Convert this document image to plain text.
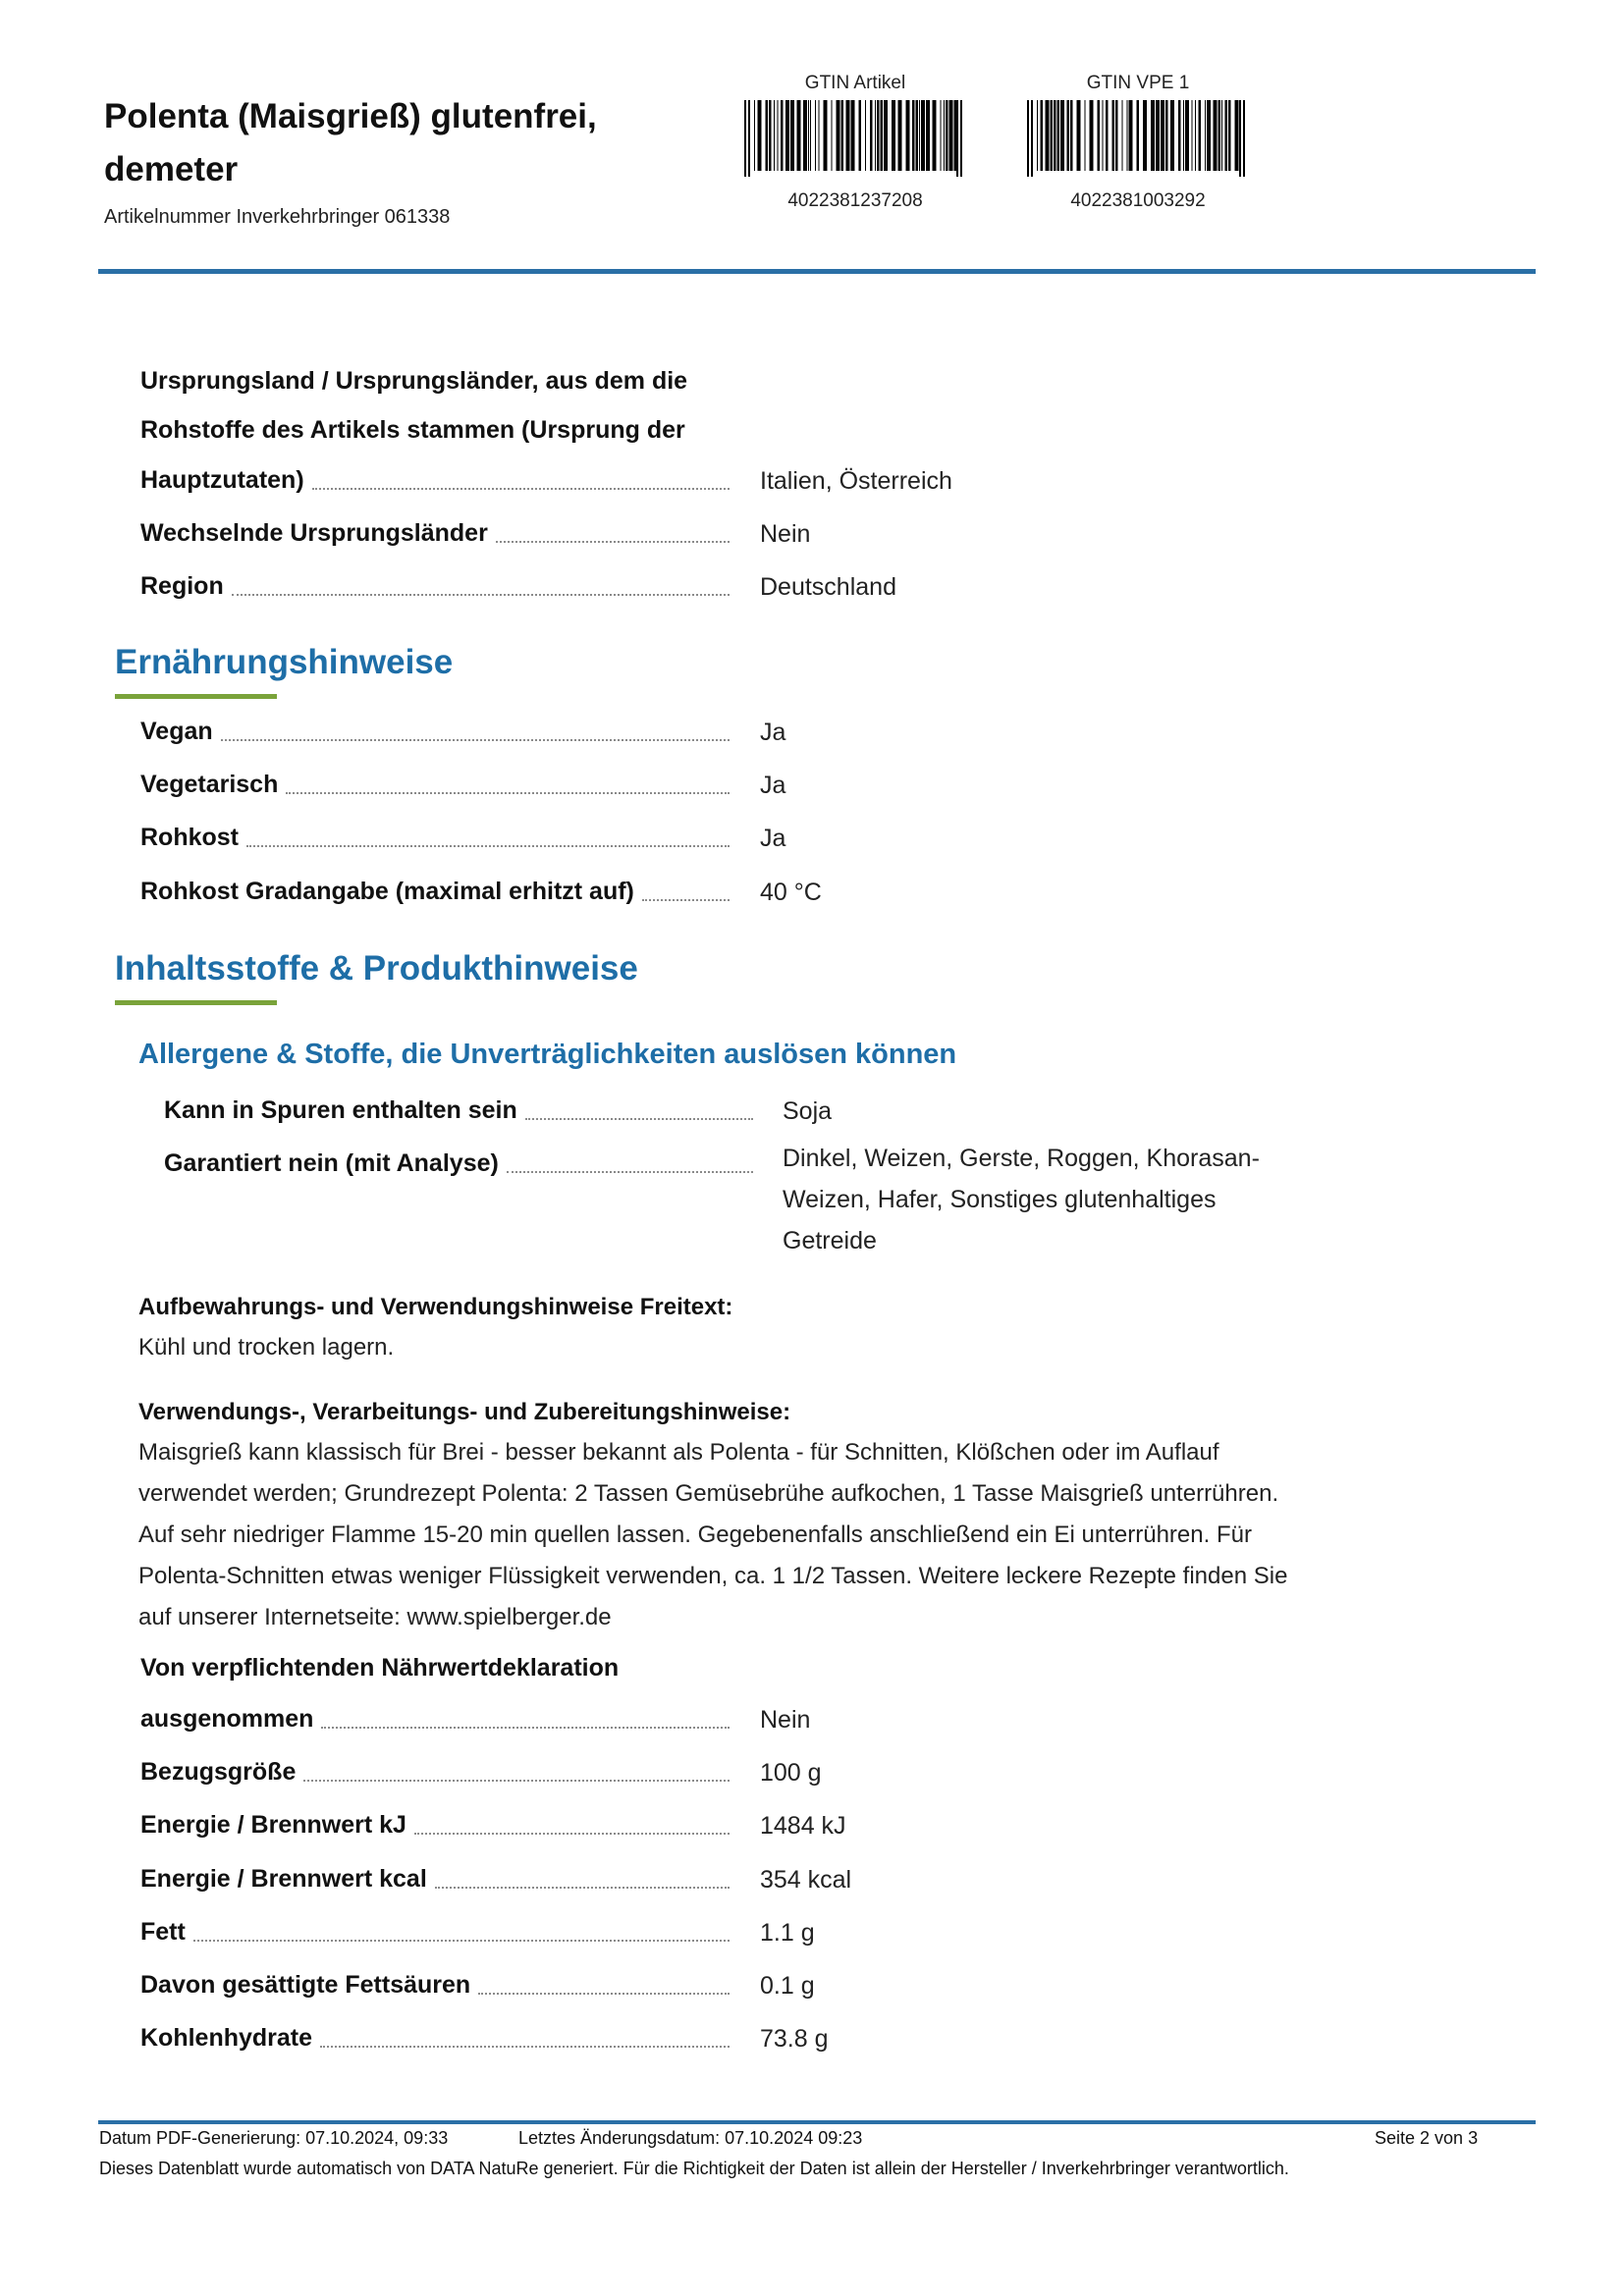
Polenta (Maisgrieß) glutenfrei, demeter
Artikelnummer Inverkehrbringer 061338
GTIN Artikel
4022381237208
GTIN VPE 1
4022381003292
Ursprungsland / Ursprungsländer, aus dem die
Rohstoffe des Artikels stammen (Ursprung der
Hauptzutaten)	Italien, Österreich
Wechselnde Ursprungsländer	Nein
Region	Deutschland
Ernährungshinweise
Vegan	Ja
Vegetarisch	Ja
Rohkost	Ja
Rohkost Gradangabe (maximal erhitzt auf)	40 °C
Inhaltsstoffe & Produkthinweise
Allergene & Stoffe, die Unverträglichkeiten auslösen können
Kann in Spuren enthalten sein	Soja
Garantiert nein (mit Analyse)	Dinkel, Weizen, Gerste, Roggen, Khorasan-
Weizen, Hafer, Sonstiges glutenhaltiges
Getreide
Aufbewahrungs- und Verwendungshinweise Freitext:
Kühl und trocken lagern.
Verwendungs-, Verarbeitungs- und Zubereitungshinweise:
Maisgrieß kann klassisch für Brei - besser bekannt als Polenta - für Schnitten, Klößchen oder im Auflauf
verwendet werden; Grundrezept Polenta: 2 Tassen Gemüsebrühe aufkochen, 1 Tasse Maisgrieß unterrühren.
Auf sehr niedriger Flamme 15-20 min quellen lassen. Gegebenenfalls anschließend ein Ei unterrühren. Für
Polenta-Schnitten etwas weniger Flüssigkeit verwenden, ca. 1 1/2 Tassen. Weitere leckere Rezepte finden Sie
auf unserer Internetseite: www.spielberger.de
Von verpflichtenden Nährwertdeklaration
ausgenommen	Nein
Bezugsgröße	100 g
Energie / Brennwert kJ	1484 kJ
Energie / Brennwert kcal	354 kcal
Fett	1.1 g
Davon gesättigte Fettsäuren	0.1 g
Kohlenhydrate	73.8 g
Datum PDF-Generierung: 07.10.2024, 09:33	Letztes Änderungsdatum: 07.10.2024 09:23	Seite 2 von 3
Dieses Datenblatt wurde automatisch von DATA NatuRe generiert. Für die Richtigkeit der Daten ist allein der Hersteller / Inverkehrbringer verantwortlich.
